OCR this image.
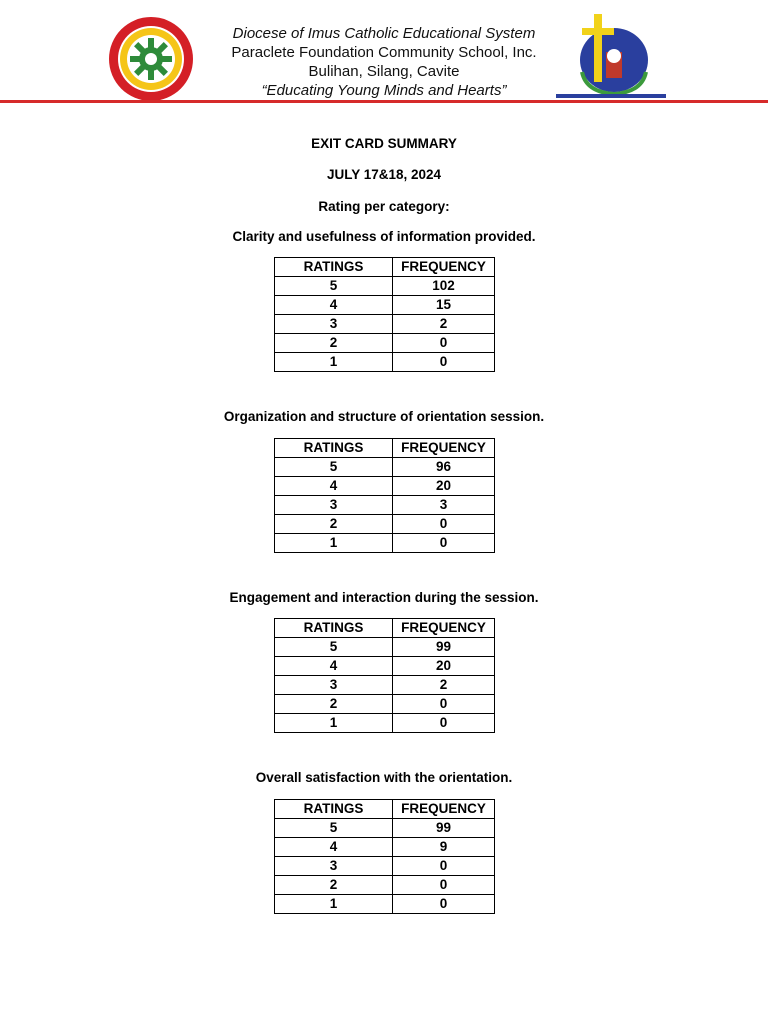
Diocese of Imus Catholic Educational System
Paraclete Foundation Community School, Inc.
Bulihan, Silang, Cavite
“Educating Young Minds and Hearts”
EXIT CARD SUMMARY
JULY 17&18, 2024
Rating per category:
Clarity and usefulness of information provided.
RATINGS	FREQUENCY
5	102
4	15
3	2
2	0
1	0
Organization and structure of orientation session.
RATINGS	FREQUENCY
5	96
4	20
3	3
2	0
1	0
Engagement and interaction during the session.
RATINGS	FREQUENCY
5	99
4	20
3	2
2	0
1	0
Overall satisfaction with the orientation.
RATINGS	FREQUENCY
5	99
4	9
3	0
2	0
1	0
